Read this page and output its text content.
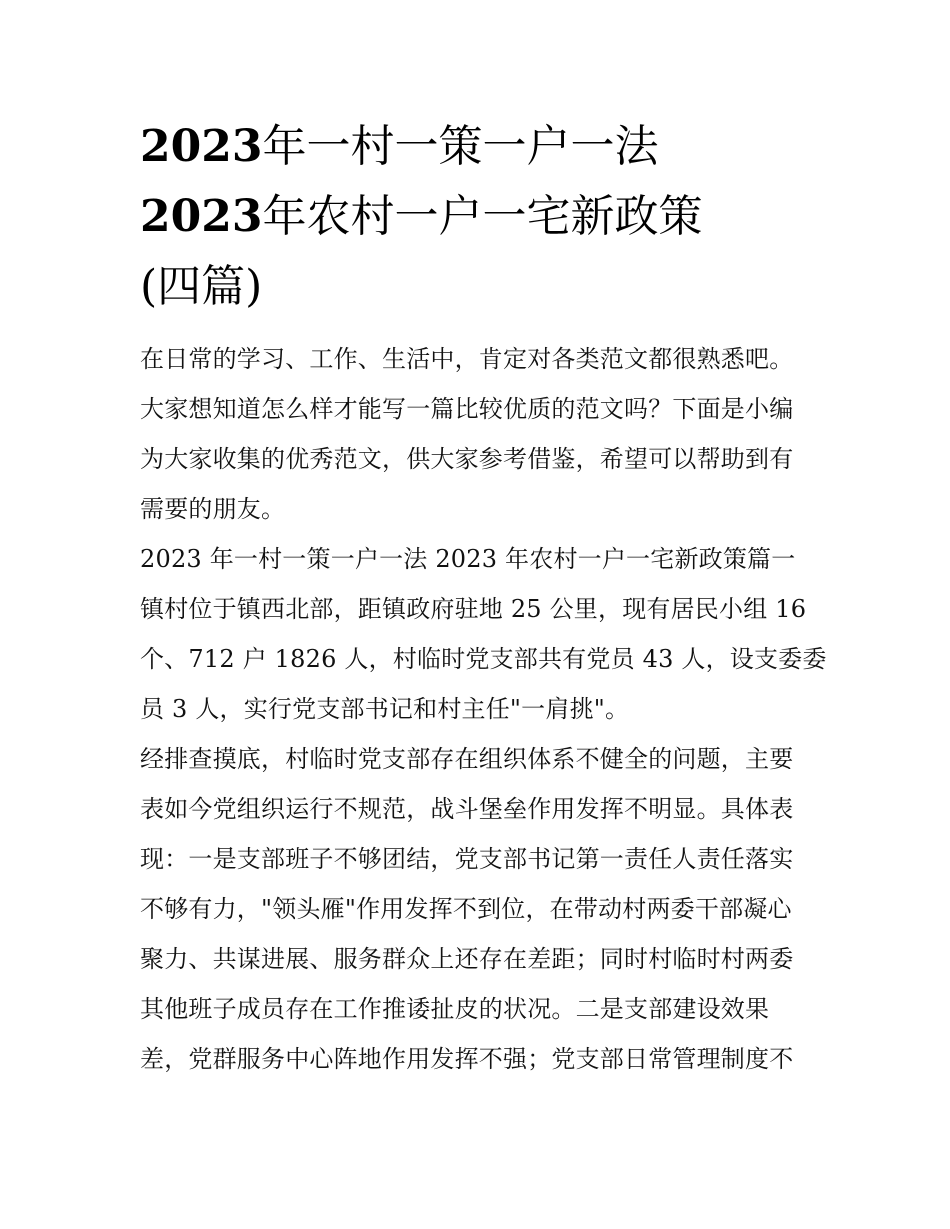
2023年一村一策一户一法
2023年农村一户一宅新政策
(四篇)
在日常的学习、工作、生活中，肯定对各类范文都很熟悉吧。
大家想知道怎么样才能写一篇比较优质的范文吗？下面是小编
为大家收集的优秀范文，供大家参考借鉴，希望可以帮助到有
需要的朋友。
2023 年一村一策一户一法 2023 年农村一户一宅新政策篇一
镇村位于镇西北部，距镇政府驻地 25 公里，现有居民小组 16
个、712 户 1826 人，村临时党支部共有党员 43 人，设支委委
员 3 人，实行党支部书记和村主任"一肩挑"。
经排查摸底，村临时党支部存在组织体系不健全的问题，主要
表如今党组织运行不规范，战斗堡垒作用发挥不明显。具体表
现：一是支部班子不够团结，党支部书记第一责任人责任落实
不够有力，"领头雁"作用发挥不到位，在带动村两委干部凝心
聚力、共谋进展、服务群众上还存在差距；同时村临时村两委
其他班子成员存在工作推诿扯皮的状况。二是支部建设效果
差，党群服务中心阵地作用发挥不强；党支部日常管理制度不
